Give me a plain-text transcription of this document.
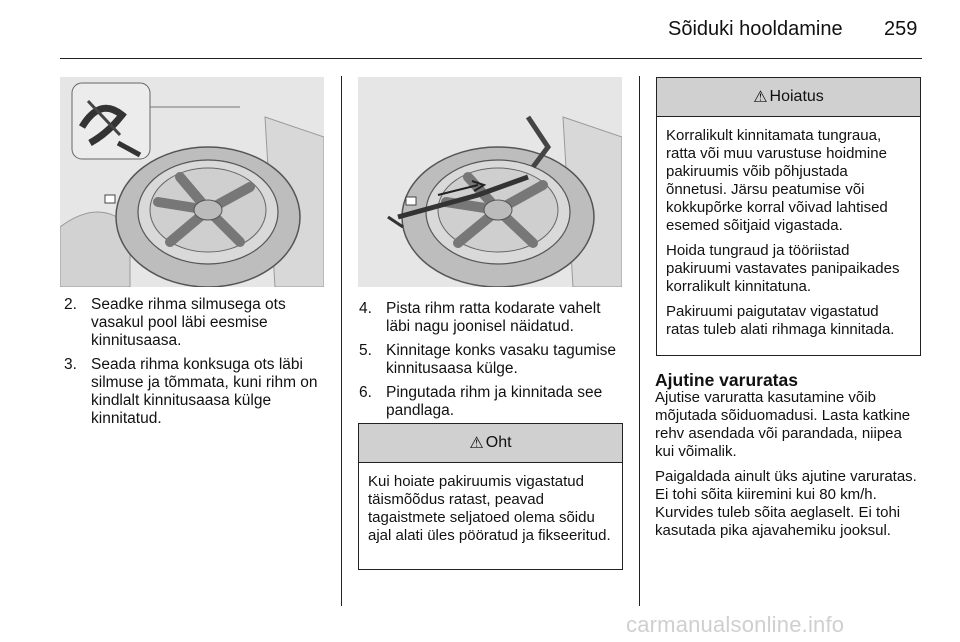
Sõiduki hooldamine 259
2. Seadke rihma silmusega ots vasakul pool läbi eesmise kinnitusaasa.
3. Seada rihma konksuga ots läbi silmuse ja tõmmata, kuni rihm on kindlalt kinnitusaasa külge kinnitatud.
4. Pista rihm ratta kodarate vahelt läbi nagu joonisel näidatud.
5. Kinnitage konks vasaku tagumise kinnitusaasa külge.
6. Pingutada rihm ja kinnitada see pandlaga.
⚠ Oht

Kui hoiate pakiruumis vigastatud täismõõdus ratast, peavad tagaistmete seljatoed olema sõidu ajal alati üles pööratud ja fikseeritud.

⚠ Hoiatus

Korralikult kinnitamata tungraua, ratta või muu varustuse hoidmine pakiruumis võib põhjustada õnnetusi. Järsu peatumise või kokkupõrke korral võivad lahtised esemed sõitjaid vigastada.

Hoida tungraud ja tööriistad pakiruumi vastavates panipaikades korralikult kinnitatuna.

Pakiruumi paigutatav vigastatud ratas tuleb alati rihmaga kinnitada.

Ajutine varuratas

Ajutise varuratta kasutamine võib mõjutada sõiduomadusi. Lasta katkine rehv asendada või parandada, niipea kui võimalik.

Paigaldada ainult üks ajutine varuratas. Ei tohi sõita kiiremini kui 80 km/h. Kurvides tuleb sõita aeglaselt. Ei tohi kasutada pika ajavahemiku jooksul.

carmanualsonline.info
